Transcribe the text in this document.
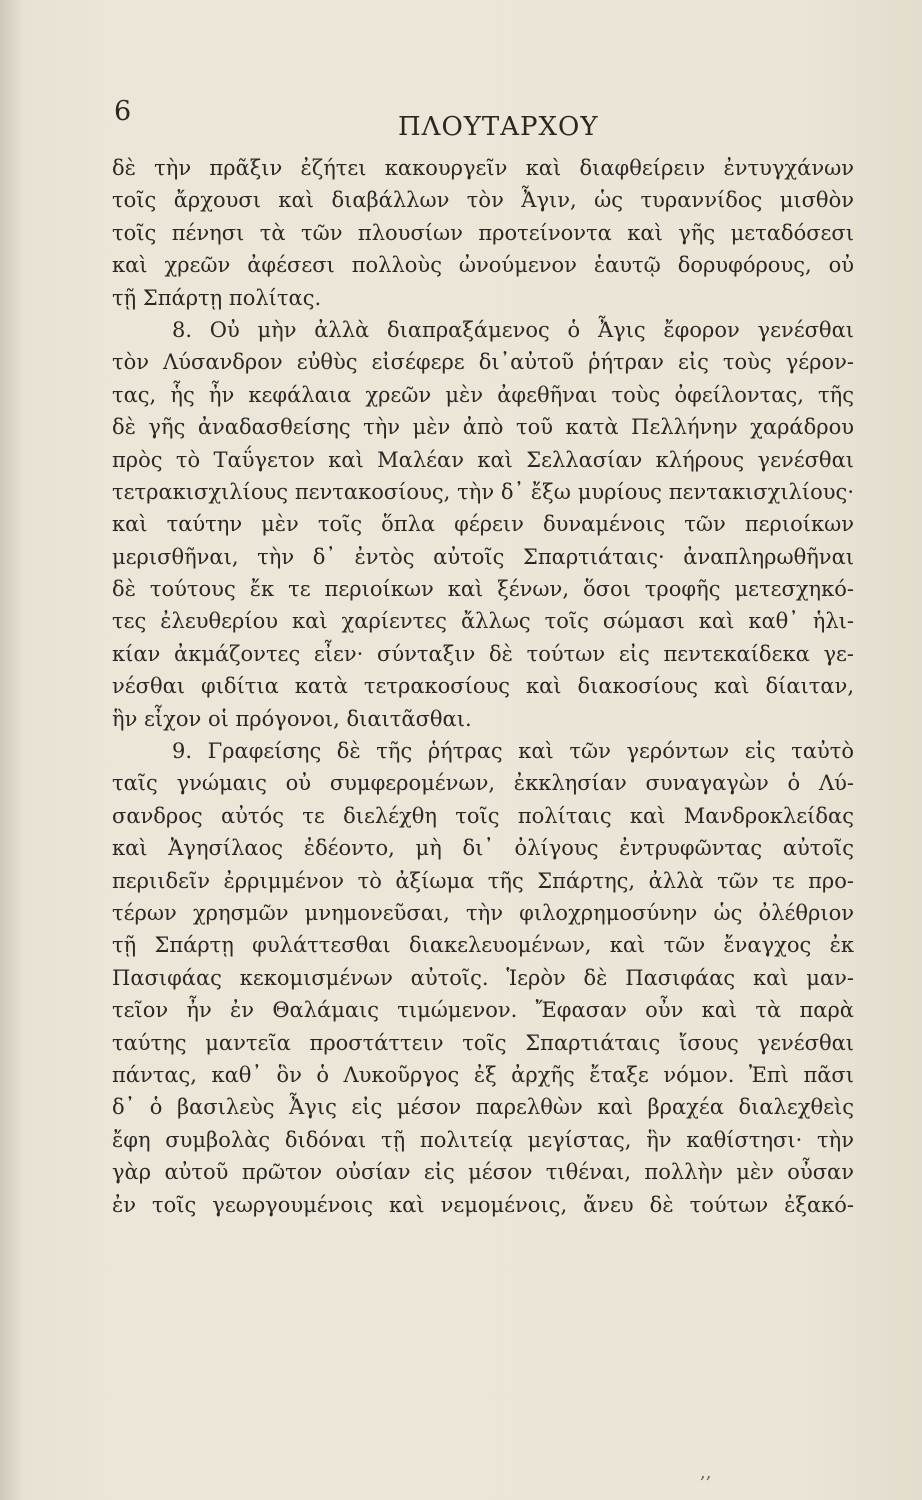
6	ΠΛΟΥΤΑΡΧΟΥ
δὲ τὴν πρᾶξιν ἐζήτει κακουργεῖν καὶ διαφθείρειν ἐντυγχάνων
τοῖς ἄρχουσι καὶ διαβάλλων τὸν Ἆγιν, ὡς τυραννίδος μισθὸν
τοῖς πένησι τὰ τῶν πλουσίων προτείνοντα καὶ γῆς μεταδόσεσι
καὶ χρεῶν ἀφέσεσι πολλοὺς ὠνούμενον ἑαυτῷ δορυφόρους, οὐ
τῇ Σπάρτῃ πολίτας.
8. Οὐ μὴν ἀλλὰ διαπραξάμενος ὁ Ἆγις ἔφορον γενέσθαι
τὸν Λύσανδρον εὐθὺς εἰσέφερε δι᾿αὐτοῦ ῥήτραν εἰς τοὺς γέρον-
τας, ἧς ἦν κεφάλαια χρεῶν μὲν ἀφεθῆναι τοὺς ὀφείλοντας, τῆς
δὲ γῆς ἀναδασθείσης τὴν μὲν ἀπὸ τοῦ κατὰ Πελλήνην χαράδρου
πρὸς τὸ Ταΰγετον καὶ Μαλέαν καὶ Σελλασίαν κλήρους γενέσθαι
τετρακισχιλίους πεντακοσίους, τὴν δ᾿ ἔξω μυρίους πεντακισχιλίους·
καὶ ταύτην μὲν τοῖς ὅπλα φέρειν δυναμένοις τῶν περιοίκων
μερισθῆναι, τὴν δ᾿ ἐντὸς αὐτοῖς Σπαρτιάταις· ἀναπληρωθῆναι
δὲ τούτους ἔκ τε περιοίκων καὶ ξένων, ὅσοι τροφῆς μετεσχηκό-
τες ἐλευθερίου καὶ χαρίεντες ἄλλως τοῖς σώμασι καὶ καθ᾿ ἡλι-
κίαν ἀκμάζοντες εἶεν· σύνταξιν δὲ τούτων εἰς πεντεκαίδεκα γε-
νέσθαι φιδίτια κατὰ τετρακοσίους καὶ διακοσίους καὶ δίαιταν,
ἣν εἶχον οἱ πρόγονοι, διαιτᾶσθαι.
9. Γραφείσης δὲ τῆς ῥήτρας καὶ τῶν γερόντων εἰς ταὐτὸ
ταῖς γνώμαις οὐ συμφερομένων, ἐκκλησίαν συναγαγὼν ὁ Λύ-
σανδρος αὐτός τε διελέχθη τοῖς πολίταις καὶ Μανδροκλείδας
καὶ Ἀγησίλαος ἐδέοντο, μὴ δι᾿ ὀλίγους ἐντρυφῶντας αὐτοῖς
περιιδεῖν ἐρριμμένον τὸ ἀξίωμα τῆς Σπάρτης, ἀλλὰ τῶν τε προ-
τέρων χρησμῶν μνημονεῦσαι, τὴν φιλοχρημοσύνην ὡς ὀλέθριον
τῇ Σπάρτῃ φυλάττεσθαι διακελευομένων, καὶ τῶν ἔναγχος ἐκ
Πασιφάας κεκομισμένων αὐτοῖς. Ἱερὸν δὲ Πασιφάας καὶ μαν-
τεῖον ἦν ἐν Θαλάμαις τιμώμενον. Ἔφασαν οὖν καὶ τὰ παρὰ
ταύτης μαντεῖα προστάττειν τοῖς Σπαρτιάταις ἴσους γενέσθαι
πάντας, καθ᾿ ὃν ὁ Λυκοῦργος ἐξ ἀρχῆς ἔταξε νόμον. Ἐπὶ πᾶσι
δ᾿ ὁ βασιλεὺς Ἆγις εἰς μέσον παρελθὼν καὶ βραχέα διαλεχθεὶς
ἔφη συμβολὰς διδόναι τῇ πολιτείᾳ μεγίστας, ἣν καθίστησι· τὴν
γὰρ αὐτοῦ πρῶτον οὐσίαν εἰς μέσον τιθέναι, πολλὴν μὲν οὖσαν
ἐν τοῖς γεωργουμένοις καὶ νεμομένοις, ἄνευ δὲ τούτων ἐξακό-
,,
